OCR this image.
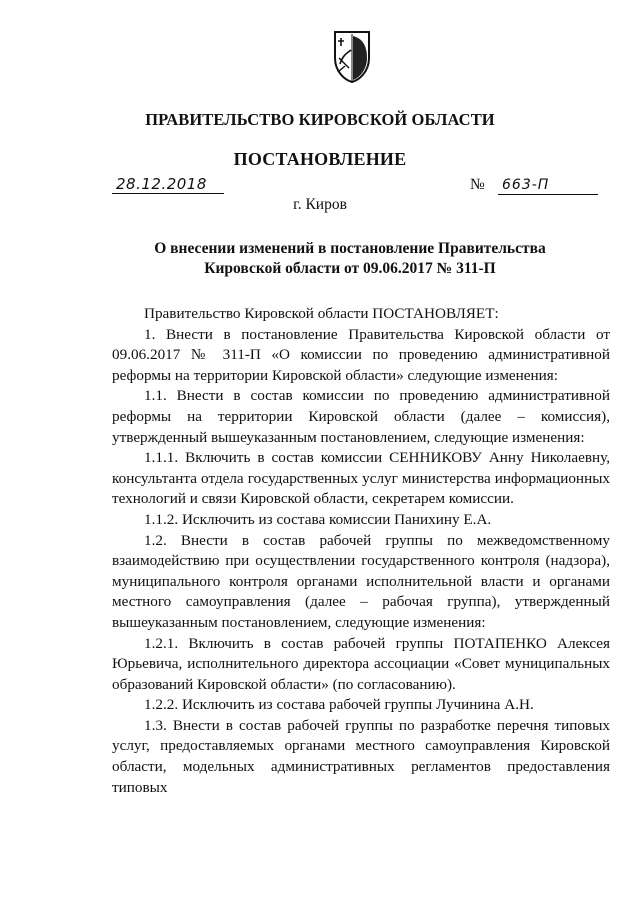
ПРАВИТЕЛЬСТВО КИРОВСКОЙ ОБЛАСТИ
ПОСТАНОВЛЕНИЕ
28.12.2018	№ 663-П
г. Киров
О внесении изменений в постановление Правительства
Кировской области от 09.06.2017 № 311-П

Правительство Кировской области ПОСТАНОВЛЯЕТ:

1. Внести в постановление Правительства Кировской области от 09.06.2017 № 311-П «О комиссии по проведению административной реформы на территории Кировской области» следующие изменения:

1.1. Внести в состав комиссии по проведению административной реформы на территории Кировской области (далее – комиссия), утвержденный вышеуказанным постановлением, следующие изменения:

1.1.1. Включить в состав комиссии СЕННИКОВУ Анну Николаевну, консультанта отдела государственных услуг министерства информационных технологий и связи Кировской области, секретарем комиссии.

1.1.2. Исключить из состава комиссии Панихину Е.А.

1.2. Внести в состав рабочей группы по межведомственному взаимодействию при осуществлении государственного контроля (надзора), муниципального контроля органами исполнительной власти и органами местного самоуправления (далее – рабочая группа), утвержденный вышеуказанным постановлением, следующие изменения:

1.2.1. Включить в состав рабочей группы ПОТАПЕНКО Алексея Юрьевича, исполнительного директора ассоциации «Совет муниципальных образований Кировской области» (по согласованию).

1.2.2. Исключить из состава рабочей группы Лучинина А.Н.

1.3. Внести в состав рабочей группы по разработке перечня типовых услуг, предоставляемых органами местного самоуправления Кировской области, модельных административных регламентов предоставления типовых
